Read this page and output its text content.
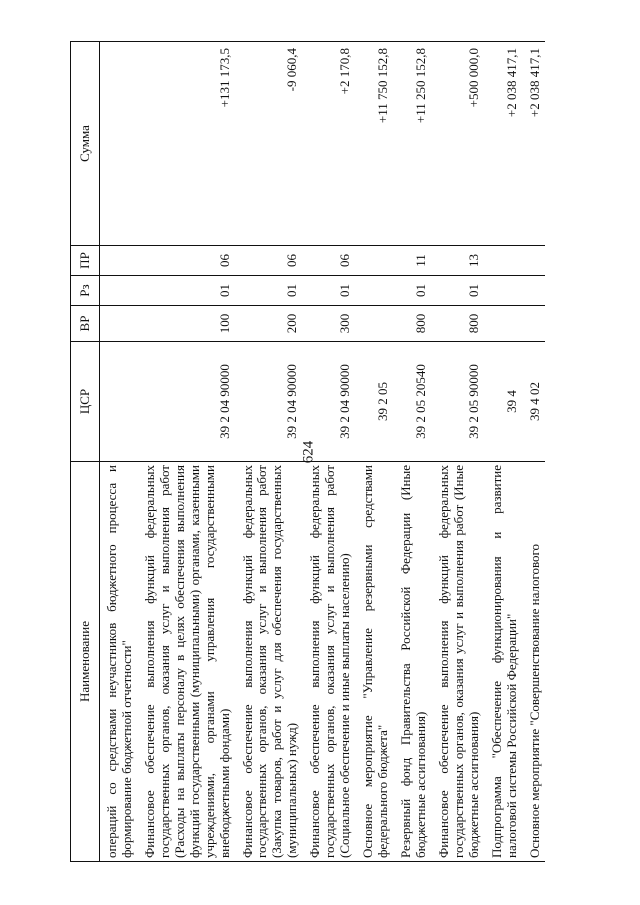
624
Наименование	ЦСР	ВР	Рз	ПР	Сумма
операций со средствами неучастников бюджетного процесса и формирование бюджетной отчетности"					
Финансовое обеспечение выполнения функций федеральных государственных органов, оказания услуг и выполнения работ (Расходы на выплаты персоналу в целях обеспечения выполнения функций государственными (муниципальными) органами, казенными учреждениями, органами управления государственными внебюджетными фондами)	39 2 04 90000	100	01	06	+131 173,5
Финансовое обеспечение выполнения функций федеральных государственных органов, оказания услуг и выполнения работ (Закупка товаров, работ и услуг для обеспечения государственных (муниципальных) нужд)	39 2 04 90000	200	01	06	-9 060,4
Финансовое обеспечение выполнения функций федеральных государственных органов, оказания услуг и выполнения работ (Социальное обеспечение и иные выплаты населению)	39 2 04 90000	300	01	06	+2 170,8
Основное мероприятие "Управление резервными средствами федерального бюджета"	39 2 05				+11 750 152,8
Резервный фонд Правительства Российской Федерации (Иные бюджетные ассигнования)	39 2 05 20540	800	01	11	+11 250 152,8
Финансовое обеспечение выполнения функций федеральных государственных органов, оказания услуг и выполнения работ (Иные бюджетные ассигнования)	39 2 05 90000	800	01	13	+500 000,0
Подпрограмма "Обеспечение функционирования и развитие налоговой системы Российской Федерации"	39 4				+2 038 417,1
Основное мероприятие "Совершенствование налогового	39 4 02				+2 038 417,1
